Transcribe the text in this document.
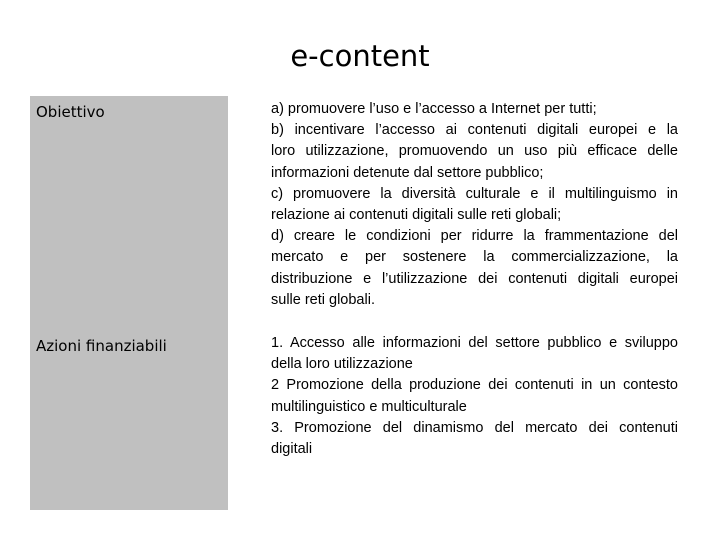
e-content
Obiettivo
Azioni finanziabili
a) promuovere l’uso e l’accesso a Internet per tutti;
b) incentivare l’accesso ai contenuti digitali europei e la
loro utilizzazione, promuovendo un uso più efficace delle
informazioni detenute dal settore pubblico;
c) promuovere la diversità culturale e il multilinguismo in
relazione ai contenuti digitali sulle reti globali;
d) creare le condizioni per ridurre la frammentazione del
mercato e per sostenere la commercializzazione, la
distribuzione e l’utilizzazione dei contenuti digitali europei
sulle reti globali.
1. Accesso alle informazioni del settore pubblico e sviluppo
della loro utilizzazione
2 Promozione della produzione dei contenuti in un contesto
multilinguistico e multiculturale
3. Promozione del dinamismo del mercato dei contenuti
digitali
